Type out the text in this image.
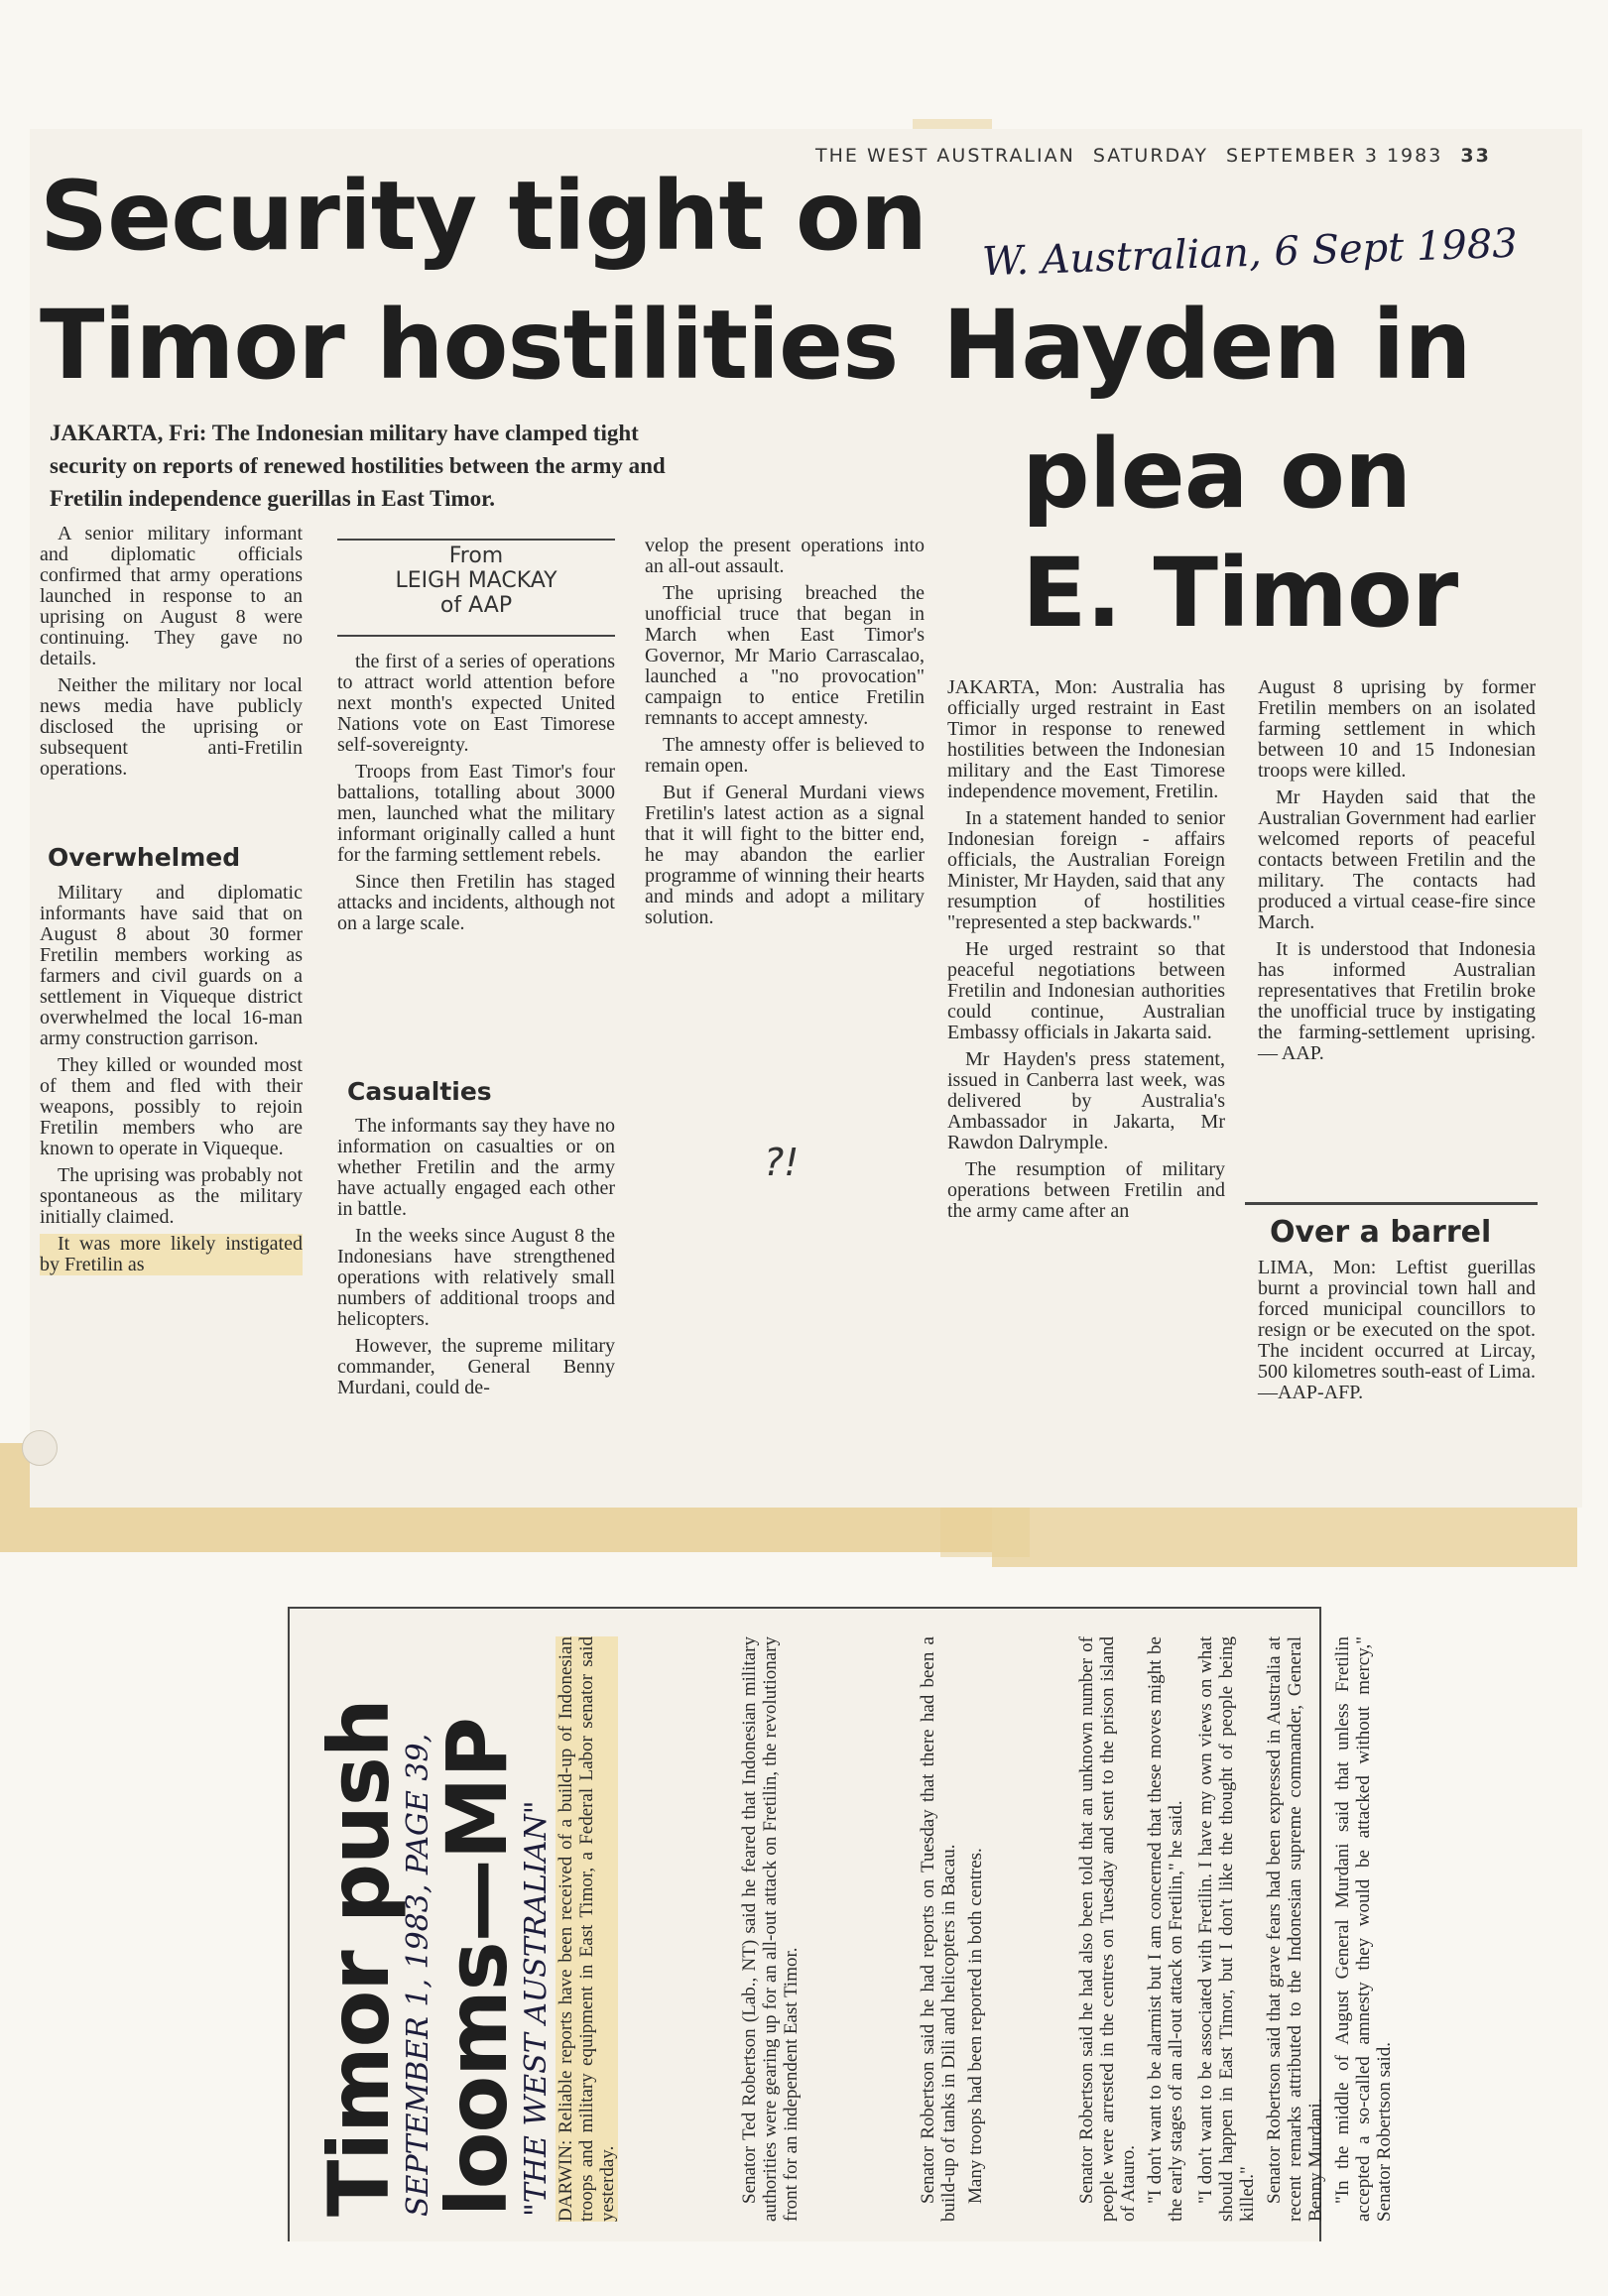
THE WEST AUSTRALIAN SATURDAY SEPTEMBER 3 1983 33
W. Australian, 6 Sept 1983
Security tight on
Timor hostilities
JAKARTA, Fri: The Indonesian military have clamped tight
security on reports of renewed hostilities between the army and
Fretilin independence guerillas in East Timor.

A senior military informant and diplomatic officials confirmed that army operations launched in response to an uprising on August 8 were continuing. They gave no details.

Neither the military nor local news media have publicly disclosed the uprising or subsequent anti-Fretilin operations.

Overwhelmed

Military and diplomatic informants have said that on August 8 about 30 former Fretilin members working as farmers and civil guards on a settlement in Viqueque district overwhelmed the local 16-man army construction garrison.

They killed or wounded most of them and fled with their weapons, possibly to rejoin Fretilin members who are known to operate in Viqueque.

The uprising was probably not spontaneous as the military initially claimed.

It was more likely instigated by Fretilin as

From
LEIGH MACKAY
of AAP

the first of a series of operations to attract world attention before next month's expected United Nations vote on East Timorese self-sovereignty.

Troops from East Timor's four battalions, totalling about 3000 men, launched what the military informant originally called a hunt for the farming settlement rebels.

Since then Fretilin has staged attacks and incidents, although not on a large scale.

Casualties

The informants say they have no information on casualties or on whether Fretilin and the army have actually engaged each other in battle.

In the weeks since August 8 the Indonesians have strengthened operations with relatively small numbers of additional troops and helicopters.

However, the supreme military commander, General Benny Murdani, could de-

velop the present operations into an all-out assault.

The uprising breached the unofficial truce that began in March when East Timor's Governor, Mr Mario Carrascalao, launched a "no provocation" campaign to entice Fretilin remnants to accept amnesty.

The amnesty offer is believed to remain open.

But if General Murdani views Fretilin's latest action as a signal that it will fight to the bitter end, he may abandon the earlier programme of winning their hearts and minds and adopt a military solution.

?!
Hayden in
plea on
E. Timor

JAKARTA, Mon: Australia has officially urged restraint in East Timor in response to renewed hostilities between the Indonesian military and the East Timorese independence movement, Fretilin.

In a statement handed to senior Indonesian foreign - affairs officials, the Australian Foreign Minister, Mr Hayden, said that any resumption of hostilities "represented a step backwards."

He urged restraint so that peaceful negotiations between Fretilin and Indonesian authorities could continue, Australian Embassy officials in Jakarta said.

Mr Hayden's press statement, issued in Canberra last week, was delivered by Australia's Ambassador in Jakarta, Mr Rawdon Dalrymple.

The resumption of military operations between Fretilin and the army came after an

August 8 uprising by former Fretilin members on an isolated farming settlement in which between 10 and 15 Indonesian troops were killed.

Mr Hayden said that the Australian Government had earlier welcomed reports of peaceful contacts between Fretilin and the military. The contacts had produced a virtual cease-fire since March.

It is understood that Indonesia has informed Australian representatives that Fretilin broke the unofficial truce by instigating the farming-settlement uprising. — AAP.

Over a barrel

LIMA, Mon: Leftist guerillas burnt a provincial town hall and forced municipal councillors to resign or be executed on the spot. The incident occurred at Lircay, 500 kilometres south-east of Lima.—AAP-AFP.

Timor push
SEPTEMBER 1, 1983, PAGE 39,
looms—MP
"THE WEST AUSTRALIAN" DARWIN: Reliable reports have been received of a build-up of Indonesian troops and military equipment in East Timor, a Federal Labor senator said yesterday.	Senator Ted Robertson (Lab., NT) said he feared that Indonesian military authorities were gearing up for an all-out attack on Fretilin, the revolutionary front for an independent East Timor.	Senator Robertson said he had reports on Tuesday that there had been a build-up of tanks in Dili and helicopters in Bacau. Many troops had been reported in both centres.	Senator Robertson said he had also been told that an unknown number of people were arrested in the centres on Tuesday and sent to the prison island of Atauro. "I don't want to be alarmist but I am concerned that these moves might be the early stages of an all-out attack on Fretilin," he said. "I don't want to be associated with Fretilin. I have my own views on what should happen in East Timor, but I don't like the thought of people being killed." Senator Robertson said that grave fears had been expressed in Australia at recent remarks attributed to the Indonesian supreme commander, General Benny Murdani. "In the middle of August General Murdani said that unless Fretilin accepted a so-called amnesty they would be attacked without mercy," Senator Robertson said.
